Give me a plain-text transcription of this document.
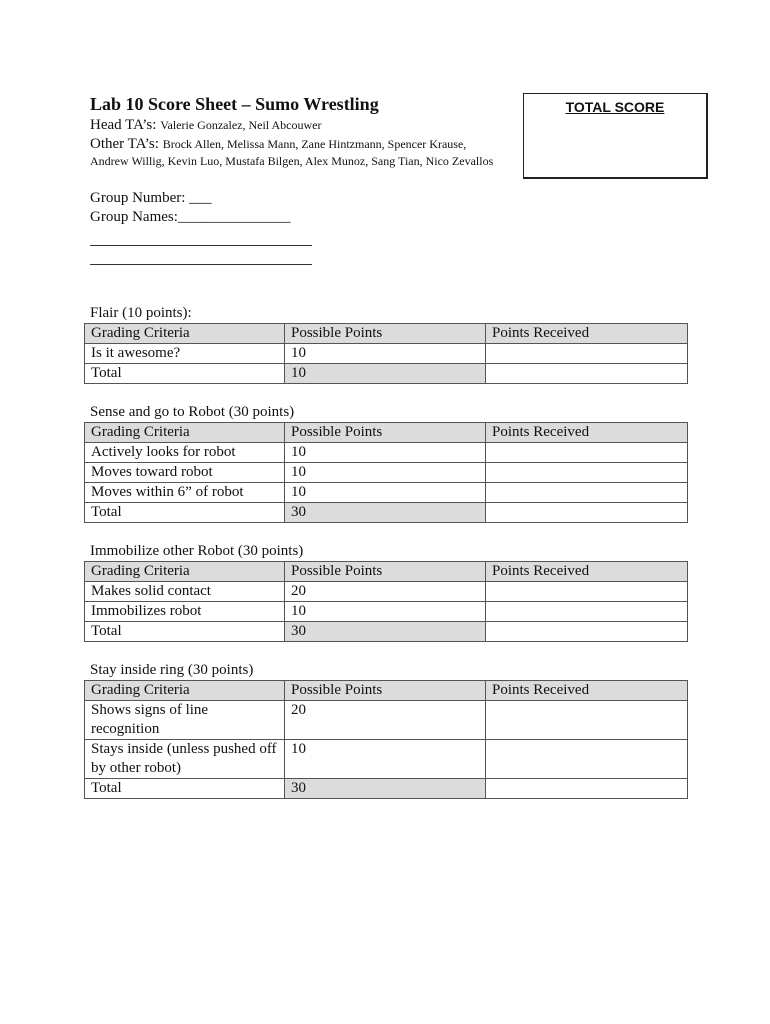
Lab 10 Score Sheet – Sumo Wrestling
Head TA’s: Valerie Gonzalez, Neil Abcouwer
Other TA’s: Brock Allen, Melissa Mann, Zane Hintzmann, Spencer Krause,
Andrew Willig, Kevin Luo, Mustafa Bilgen, Alex Munoz, Sang Tian, Nico Zevallos
TOTAL SCORE
Group Number: ___
Group Names:_______________
Flair (10 points):
Grading Criteria	Possible Points	Points Received
Is it awesome?	10	
Total	10	
Sense and go to Robot (30 points)
Grading Criteria	Possible Points	Points Received
Actively looks for robot	10	
Moves toward robot	10	
Moves within 6” of robot	10	
Total	30	
Immobilize other Robot (30 points)
Grading Criteria	Possible Points	Points Received
Makes solid contact	20	
Immobilizes robot	10	
Total	30	
Stay inside ring (30 points)
Grading Criteria	Possible Points	Points Received
Shows signs of line recognition	20	
Stays inside (unless pushed off by other robot)	10	
Total	30	
